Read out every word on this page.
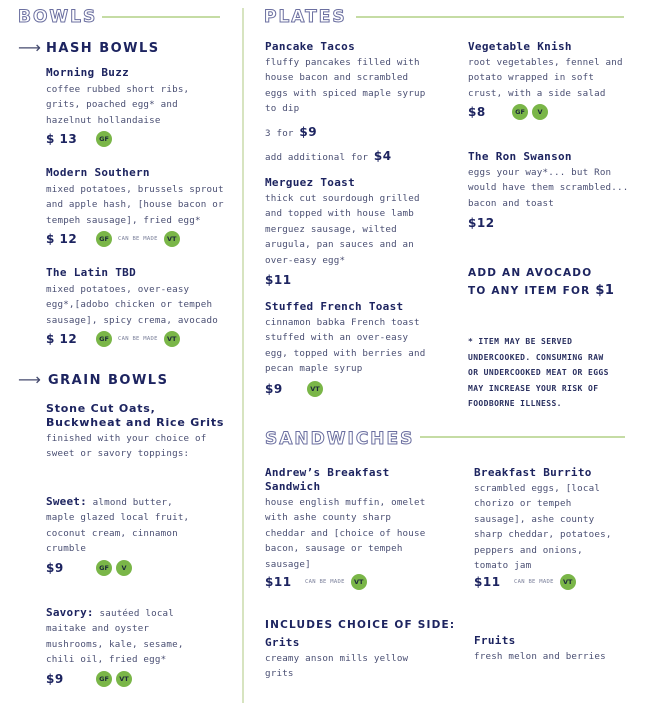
BOWLS
⟶ HASH BOWLS
Morning Buzz
coffee rubbed short ribs,
grits, poached egg* and
hazelnut hollandaise
$ 13	GF
Modern Southern
mixed potatoes, brussels sprout
and apple hash, [house bacon or
tempeh sausage], fried egg*
$ 12	GF	CAN BE MADE	VT
The Latin TBD
mixed potatoes, over-easy
egg*,[adobo chicken or tempeh
sausage], spicy crema, avocado
$ 12	GF	CAN BE MADE	VT
⟶ GRAIN BOWLS
Stone Cut Oats,
Buckwheat and Rice Grits
finished with your choice of
sweet or savory toppings:
Sweet: almond butter,
maple glazed local fruit,
coconut cream, cinnamon
crumble
$9	GF	V
Savory: sautéed local
maitake and oyster
mushrooms, kale, sesame,
chili oil, fried egg*
$9	GF	VT
PLATES
Pancake Tacos
fluffy pancakes filled with
house bacon and scrambled
eggs with spiced maple syrup
to dip
3 for $9
add additional for $4
Merguez Toast
thick cut sourdough grilled
and topped with house lamb
merguez sausage, wilted
arugula, pan sauces and an
over-easy egg*
$11
Stuffed French Toast
cinnamon babka French toast
stuffed with an over-easy
egg, topped with berries and
pecan maple syrup
$9	VT
Vegetable Knish
root vegetables, fennel and
potato wrapped in soft
crust, with a side salad
$8	GF	V
The Ron Swanson
eggs your way*... but Ron
would have them scrambled...
bacon and toast
$12
ADD AN AVOCADO
TO ANY ITEM FOR $1
* ITEM MAY BE SERVED
UNDERCOOKED. CONSUMING RAW
OR UNDERCOOKED MEAT OR EGGS
MAY INCREASE YOUR RISK OF
FOODBORNE ILLNESS.
SANDWICHES
Andrew’s Breakfast
Sandwich
house english muffin, omelet
with ashe county sharp
cheddar and [choice of house
bacon, sausage or tempeh
sausage]
$11	CAN BE MADE	VT
Breakfast Burrito
scrambled eggs, [local
chorizo or tempeh
sausage], ashe county
sharp cheddar, potatoes,
peppers and onions,
tomato jam
$11	CAN BE MADE	VT
INCLUDES CHOICE OF SIDE:
Grits
creamy anson mills yellow
grits
Fruits
fresh melon and berries
